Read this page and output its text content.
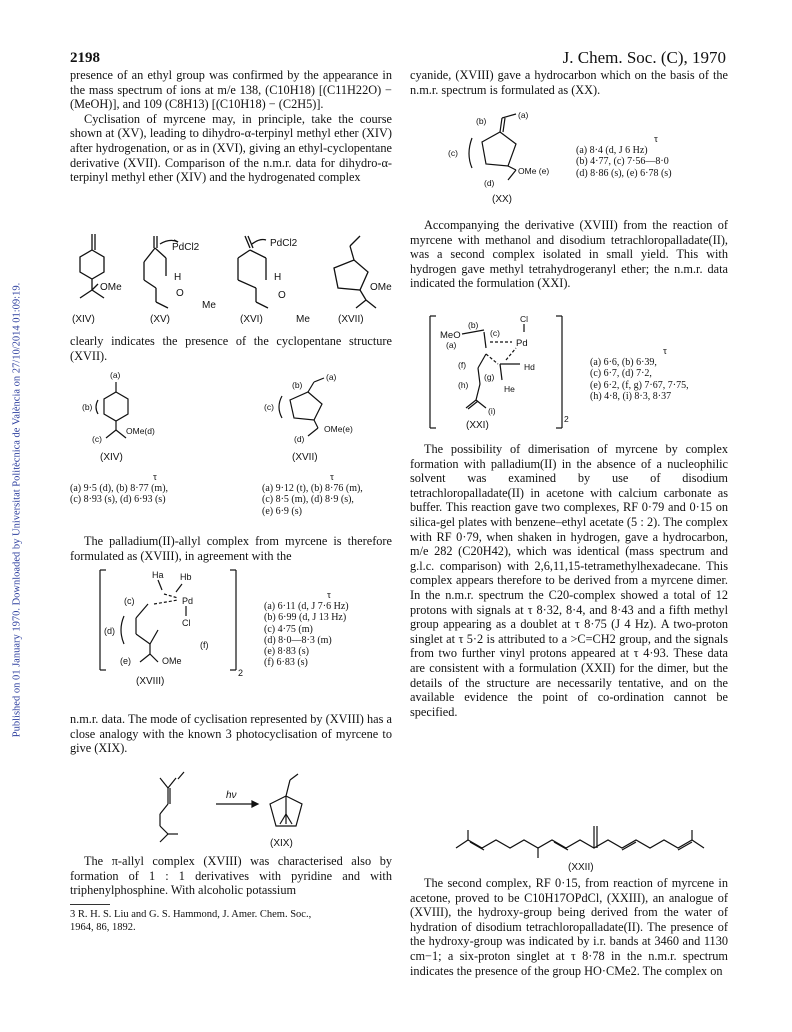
2198	J. Chem. Soc. (C), 1970
Published on 01 January 1970. Downloaded by Universitat Politècnica de València on 27/10/2014 01:09:19.

presence of an ethyl group was confirmed by the appearance in the mass spectrum of ions at m/e 138, (C10H18) [(C11H22O) − (MeOH)], and 109 (C8H13) [(C10H18) − (C2H5)].

Cyclisation of myrcene may, in principle, take the course shown at (XV), leading to dihydro-α-terpinyl methyl ether (XIV) after hydrogenation, or as in (XVI), giving an ethyl-cyclopentane derivative (XVII). Comparison of the n.m.r. data for dihydro-α-terpinyl methyl ether (XIV) and the hydrogenated complex

PdCl2	PdCl2
OMe	OMe
H	H
O	O
Me
Me
(XIV)	(XV)	(XVI)	(XVII)

clearly indicates the presence of the cyclopentane structure (XVII).

(a)
(b)
(c)
OMe(d)
(a)
(b)
(c)
(d)
OMe(e)
(XIV)	(XVII)
τ
(a) 9·5 (d), (b) 8·77 (m),
(c) 8·93 (s), (d) 6·93 (s)
τ
(a) 9·12 (t), (b) 8·76 (m),
(c) 8·5 (m), (d) 8·9 (s),
(e) 6·9 (s)

The palladium(II)-allyl complex from myrcene is therefore formulated as (XVIII), in agreement with the

Ha Hb
(c)	Pd
Cl
(d)
(f)
(e)	OMe
2
(XVIII)
τ
(a) 6·11 (d, J 7·6 Hz)
(b) 6·99 (d, J 13 Hz)
(c) 4·75 (m)
(d) 8·0—8·3 (m)
(e) 8·83 (s)
(f) 6·83 (s)

n.m.r. data. The mode of cyclisation represented by (XVIII) has a close analogy with the known 3 photocyclisation of myrcene to give (XIX).

hν
(XIX)

The π-allyl complex (XVIII) was characterised also by formation of 1 : 1 derivatives with pyridine and with triphenylphosphine. With alcoholic potassium

3 R. H. S. Liu and G. S. Hammond, J. Amer. Chem. Soc.,
1964, 86, 1892.

cyanide, (XVIII) gave a hydrocarbon which on the basis of the n.m.r. spectrum is formulated as (XX).

(b)
(a)
(c)
OMe (e)
(d)
(XX)
τ
(a) 8·4 (d, J 6 Hz)
(b) 4·77, (c) 7·56—8·0
(d) 8·86 (s), (e) 6·78 (s)

Accompanying the derivative (XVIII) from the reaction of myrcene with methanol and disodium tetrachloropalladate(II), was a second complex isolated in small yield. This with hydrogen gave methyl tetrahydrogeranyl ether; the n.m.r. data indicated the formulation (XXI).

Cl
MeO
(b)
(a)
(c)
Pd
(f)	Hd
(g)
(h)	He
(i)
2
(XXI)
τ
(a) 6·6, (b) 6·39,
(c) 6·7, (d) 7·2,
(e) 6·2, (f, g) 7·67, 7·75,
(h) 4·8, (i) 8·3, 8·37

The possibility of dimerisation of myrcene by complex formation with palladium(II) in the absence of a nucleophilic solvent was examined by use of disodium tetrachloropalladate(II) in acetone with calcium carbonate as buffer. This reaction gave two complexes, RF 0·79 and 0·15 on silica-gel plates with benzene–ethyl acetate (5 : 2). The complex with RF 0·79, when shaken in hydrogen, gave a hydrocarbon, m/e 282 (C20H42), which was identical (mass spectrum and g.l.c. comparison) with 2,6,11,15-tetramethylhexadecane. This complex appears therefore to be derived from a myrcene dimer. In the n.m.r. spectrum the C20-complex showed a total of 12 protons with signals at τ 8·32, 8·4, and 8·43 and a fifth methyl group appearing as a doublet at τ 8·75 (J 4 Hz). A two-proton singlet at τ 5·2 is attributed to a >C=CH2 group, and the signals from two further vinyl protons appeared at τ 4·93. These data are consistent with a formulation (XXII) for the dimer, but the details of the structure are necessarily tentative, and on the available evidence the point of co-ordination cannot be specified.

(XXII)

The second complex, RF 0·15, from reaction of myrcene in acetone, proved to be C10H17OPdCl, (XXIII), an analogue of (XVIII), the hydroxy-group being derived from the water of hydration of disodium tetrachloropalladate(II). The presence of the hydroxy-group was indicated by i.r. bands at 3460 and 1130 cm−1; a six-proton singlet at τ 8·78 in the n.m.r. spectrum indicates the presence of the group HO·CMe2. The complex on
